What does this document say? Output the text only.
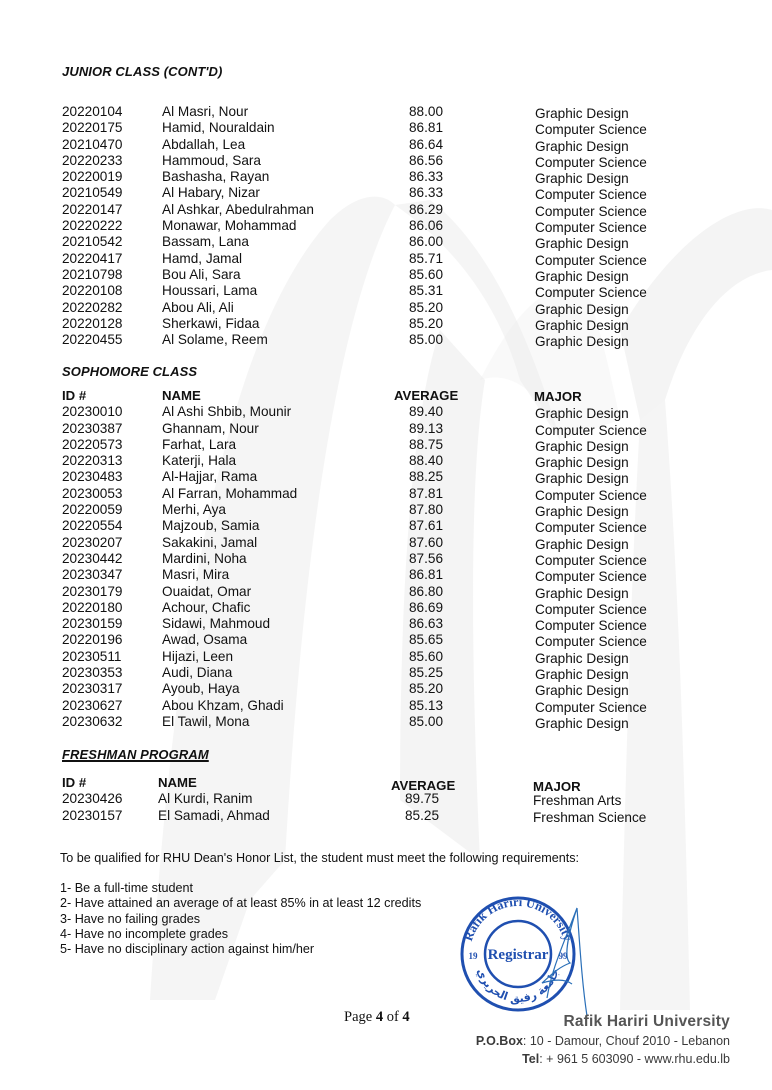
JUNIOR CLASS (CONT'D)
20220104	Al Masri, Nour	88.00	Graphic Design
20220175	Hamid, Nouraldain	86.81	Computer Science
20210470	Abdallah, Lea	86.64	Graphic Design
20220233	Hammoud, Sara	86.56	Computer Science
20220019	Bashasha, Rayan	86.33	Graphic Design
20210549	Al Habary, Nizar	86.33	Computer Science
20220147	Al Ashkar, Abedulrahman	86.29	Computer Science
20220222	Monawar, Mohammad	86.06	Computer Science
20210542	Bassam, Lana	86.00	Graphic Design
20220417	Hamd, Jamal	85.71	Computer Science
20210798	Bou Ali, Sara	85.60	Graphic Design
20220108	Houssari, Lama	85.31	Computer Science
20220282	Abou Ali, Ali	85.20	Graphic Design
20220128	Sherkawi, Fidaa	85.20	Graphic Design
20220455	Al Solame, Reem	85.00	Graphic Design
SOPHOMORE CLASS
ID #	NAME	AVERAGE	MAJOR
20230010	Al Ashi Shbib, Mounir	89.40	Graphic Design
20230387	Ghannam, Nour	89.13	Computer Science
20220573	Farhat, Lara	88.75	Graphic Design
20220313	Katerji, Hala	88.40	Graphic Design
20230483	Al-Hajjar, Rama	88.25	Graphic Design
20230053	Al Farran, Mohammad	87.81	Computer Science
20220059	Merhi, Aya	87.80	Graphic Design
20220554	Majzoub, Samia	87.61	Computer Science
20230207	Sakakini, Jamal	87.60	Graphic Design
20230442	Mardini, Noha	87.56	Computer Science
20230347	Masri, Mira	86.81	Computer Science
20230179	Ouaidat, Omar	86.80	Graphic Design
20220180	Achour, Chafic	86.69	Computer Science
20230159	Sidawi, Mahmoud	86.63	Computer Science
20220196	Awad, Osama	85.65	Computer Science
20230511	Hijazi, Leen	85.60	Graphic Design
20230353	Audi, Diana	85.25	Graphic Design
20230317	Ayoub, Haya	85.20	Graphic Design
20230627	Abou Khzam, Ghadi	85.13	Computer Science
20230632	El Tawil, Mona	85.00	Graphic Design
FRESHMAN PROGRAM
ID #	NAME	AVERAGE	MAJOR
20230426	Al Kurdi, Ranim	89.75	Freshman Arts
20230157	El Samadi, Ahmad	85.25	Freshman Science
To be qualified for RHU Dean's Honor List, the student must meet the following requirements:
1- Be a full-time student
2- Have attained an average of at least 85% in at least 12 credits
3- Have no failing grades
4- Have no incomplete grades
5- Have no disciplinary action against him/her
Rafik Hariri University
Registrar
19	99
جامعة رفيق الحريري
Page 4 of 4	Rafik Hariri University
P.O.Box: 10 - Damour, Chouf 2010 - Lebanon
Tel: + 961 5 603090 - www.rhu.edu.lb
